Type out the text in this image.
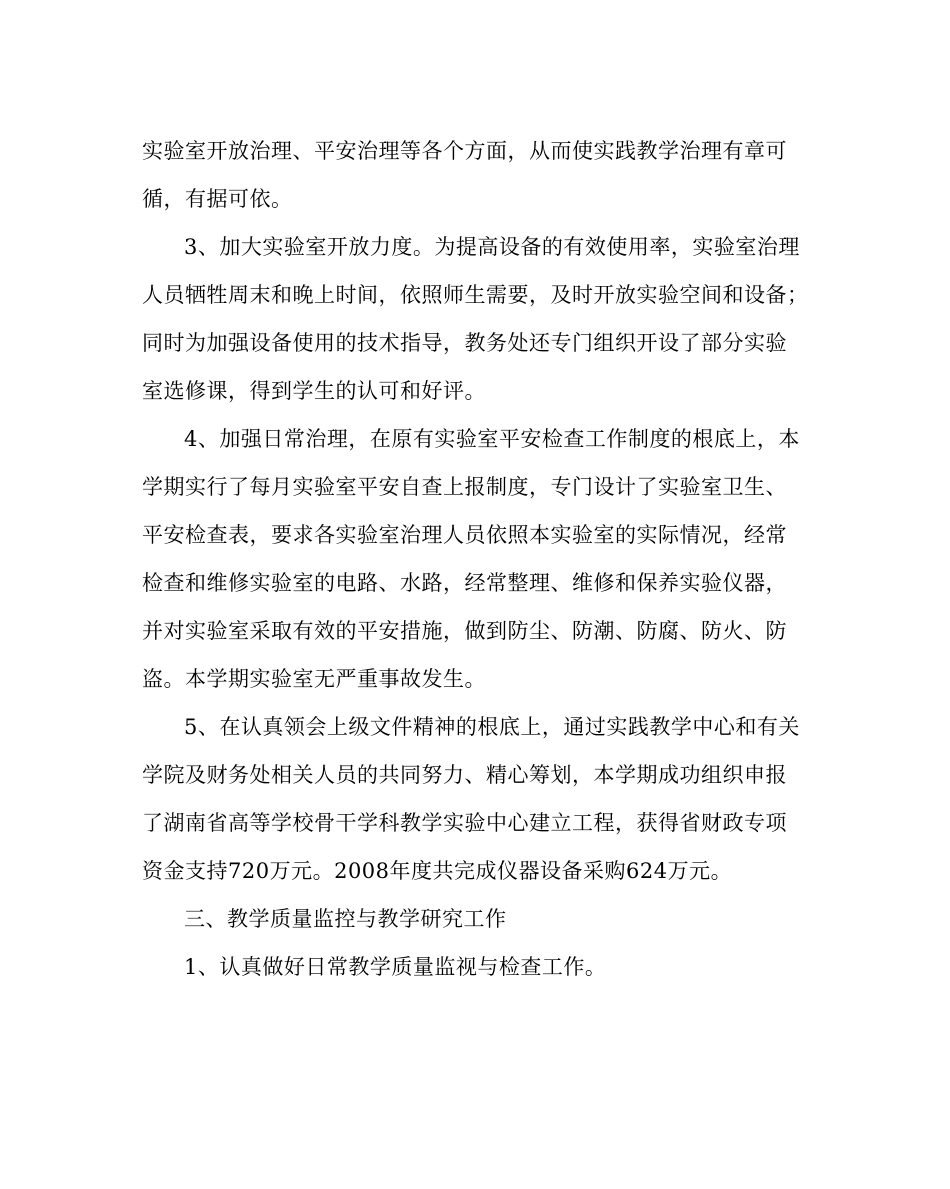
实验室开放治理、平安治理等各个方面，从而使实践教学治理有章可
循，有据可依。

3、加大实验室开放力度。为提高设备的有效使用率，实验室治理
人员牺牲周末和晚上时间，依照师生需要，及时开放实验空间和设备；
同时为加强设备使用的技术指导，教务处还专门组织开设了部分实验
室选修课，得到学生的认可和好评。

4、加强日常治理，在原有实验室平安检查工作制度的根底上，本
学期实行了每月实验室平安自查上报制度，专门设计了实验室卫生、
平安检查表，要求各实验室治理人员依照本实验室的实际情况，经常
检查和维修实验室的电路、水路，经常整理、维修和保养实验仪器，
并对实验室采取有效的平安措施，做到防尘、防潮、防腐、防火、防
盗。本学期实验室无严重事故发生。

5、在认真领会上级文件精神的根底上，通过实践教学中心和有关
学院及财务处相关人员的共同努力、精心筹划，本学期成功组织申报
了湖南省高等学校骨干学科教学实验中心建立工程，获得省财政专项
资金支持720万元。2008年度共完成仪器设备采购624万元。

三、教学质量监控与教学研究工作

1、认真做好日常教学质量监视与检查工作。
